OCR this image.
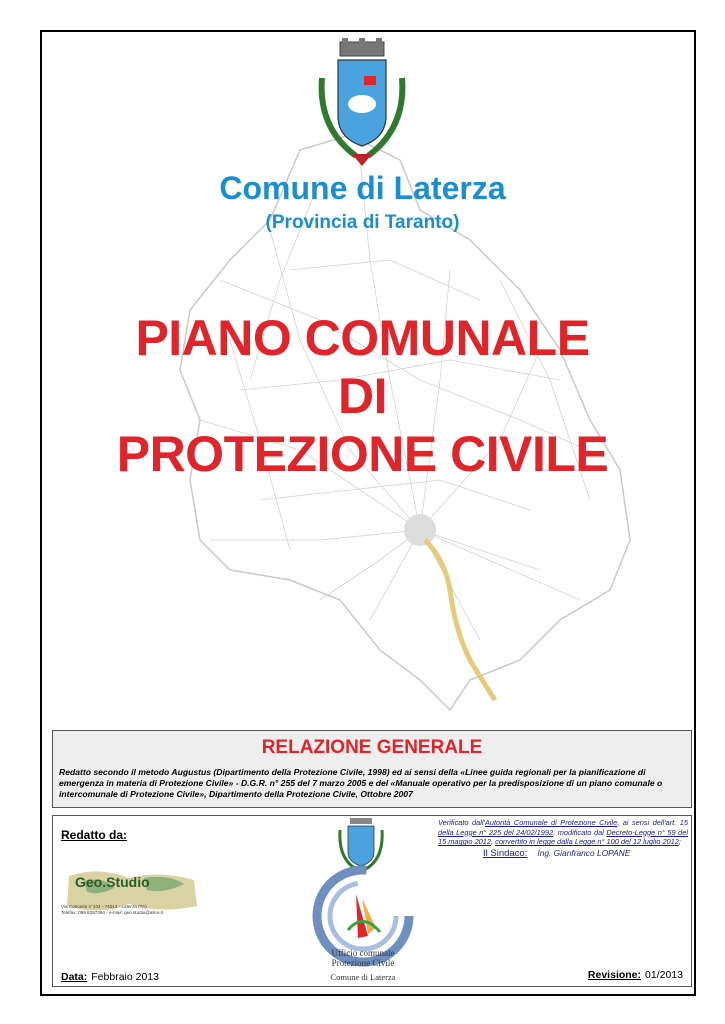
Comune di Laterza
(Provincia di Taranto)
PIANO COMUNALE
DI
PROTEZIONE CIVILE
RELAZIONE GENERALE
Redatto secondo il metodo Augustus (Dipartimento della Protezione Civile, 1998) ed ai sensi della «Linee guida regionali per la pianificazione di emergenza in materia di Protezione Civile» - D.G.R. n° 255 del 7 marzo 2005 e del «Manuale operativo per la predisposizione di un piano comunale o intercomunale di Protezione Civile», Dipartimento della Protezione Civile, Ottobre 2007
Redatto da:
Geo.Studio
Via Concerie n°104 - 74014 - Laterza (TA)
Telefax: 099.8297364 - e-mail: geo.studio@alice.it
Ufficio comunale
Protezione Civile
Comune di Laterza
Verificato dall'Autorità Comunale di Protezione Civile, ai sensi dell'art. 15 della Legge n° 225 del 24/02/1992, modificato dal Decreto-Legge n° 59 del 15 maggio 2012, convertito in legge dalla Legge n° 100 del 12 luglio 2012;
Il Sindaco: Ing. Gianfranco LOPANE
Data: Febbraio 2013	Revisione: 01/2013
